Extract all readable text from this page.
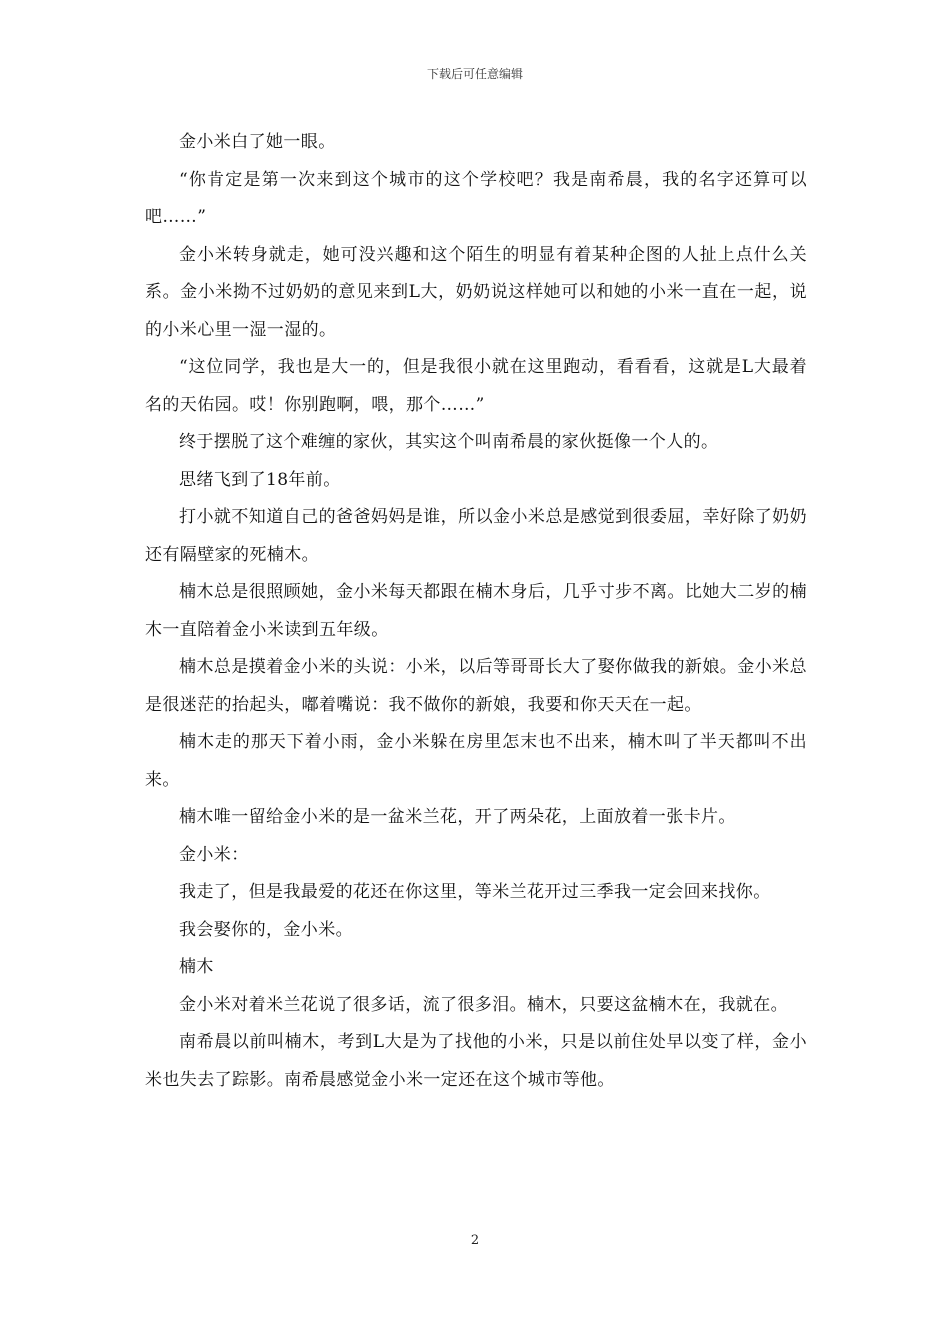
下载后可任意编辑

金小米白了她一眼。

“你肯定是第一次来到这个城市的这个学校吧？我是南希晨，我的名字还算可以吧……”

金小米转身就走，她可没兴趣和这个陌生的明显有着某种企图的人扯上点什么关系。金小米拗不过奶奶的意见来到L大，奶奶说这样她可以和她的小米一直在一起，说的小米心里一湿一湿的。

“这位同学，我也是大一的，但是我很小就在这里跑动，看看看，这就是L大最着名的天佑园。哎！你别跑啊，喂，那个……”

终于摆脱了这个难缠的家伙，其实这个叫南希晨的家伙挺像一个人的。

思绪飞到了18年前。

打小就不知道自己的爸爸妈妈是谁，所以金小米总是感觉到很委屈，幸好除了奶奶还有隔壁家的死楠木。

楠木总是很照顾她，金小米每天都跟在楠木身后，几乎寸步不离。比她大二岁的楠木一直陪着金小米读到五年级。

楠木总是摸着金小米的头说：小米，以后等哥哥长大了娶你做我的新娘。金小米总是很迷茫的抬起头，嘟着嘴说：我不做你的新娘，我要和你天天在一起。

楠木走的那天下着小雨，金小米躲在房里怎末也不出来，楠木叫了半天都叫不出来。

楠木唯一留给金小米的是一盆米兰花，开了两朵花，上面放着一张卡片。

金小米：

我走了，但是我最爱的花还在你这里，等米兰花开过三季我一定会回来找你。

我会娶你的，金小米。

楠木

金小米对着米兰花说了很多话，流了很多泪。楠木，只要这盆楠木在，我就在。

南希晨以前叫楠木，考到L大是为了找他的小米，只是以前住处早以变了样，金小米也失去了踪影。南希晨感觉金小米一定还在这个城市等他。

2
